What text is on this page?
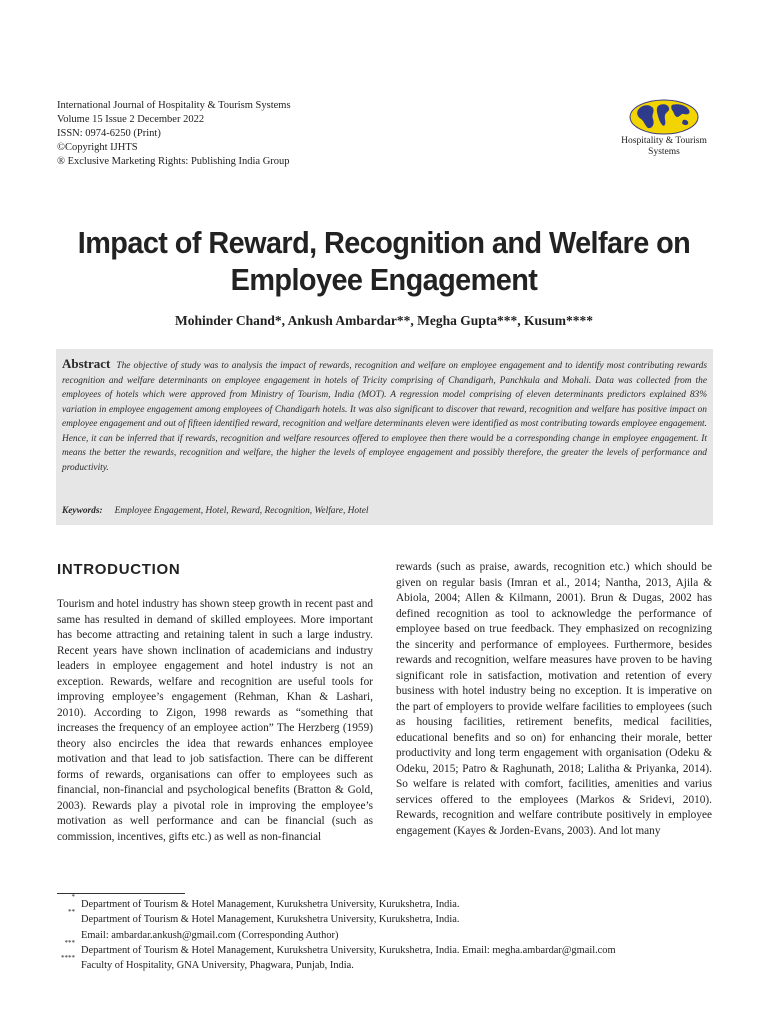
International Journal of Hospitality & Tourism Systems
Volume 15 Issue 2 December 2022
ISSN: 0974-6250 (Print)
©Copyright IJHTS
® Exclusive Marketing Rights: Publishing India Group
Hospitality & Tourism
Systems
Impact of Reward, Recognition and Welfare on Employee Engagement
Mohinder Chand*, Ankush Ambardar**, Megha Gupta***, Kusum****

Abstract The objective of study was to analysis the impact of rewards, recognition and welfare on employee engagement and to identify most contributing rewards recognition and welfare determinants on employee engagement in hotels of Tricity comprising of Chandigarh, Panchkula and Mohali. Data was collected from the employees of hotels which were approved from Ministry of Tourism, India (MOT). A regression model comprising of eleven determinants predictors explained 83% variation in employee engagement among employees of Chandigarh hotels. It was also significant to discover that reward, recognition and welfare has positive impact on employee engagement and out of fifteen identified reward, recognition and welfare determinants eleven were identified as most contributing towards employee engagement. Hence, it can be inferred that if rewards, recognition and welfare resources offered to employee then there would be a corresponding change in employee engagement. It means the better the rewards, recognition and welfare, the higher the levels of employee engagement and possibly therefore, the greater the levels of performance and productivity.

Keywords: Employee Engagement, Hotel, Reward, Recognition, Welfare, Hotel
INTRODUCTION

Tourism and hotel industry has shown steep growth in recent past and same has resulted in demand of skilled employees. More important has become attracting and retaining talent in such a large industry. Recent years have shown inclination of academicians and industry leaders in employee engagement and hotel industry is not an exception. Rewards, welfare and recognition are useful tools for improving employee’s engagement (Rehman, Khan & Lashari, 2010). According to Zigon, 1998 rewards as “something that increases the frequency of an employee action” The Herzberg (1959) theory also encircles the idea that rewards enhances employee motivation and that lead to job satisfaction. There can be different forms of rewards, organisations can offer to employees such as financial, non-financial and psychological benefits (Bratton & Gold, 2003). Rewards play a pivotal role in improving the employee’s motivation as well performance and can be financial (such as commission, incentives, gifts etc.) as well as non-financial

rewards (such as praise, awards, recognition etc.) which should be given on regular basis (Imran et al., 2014; Nantha, 2013, Ajila & Abiola, 2004; Allen & Kilmann, 2001). Brun & Dugas, 2002 has defined recognition as tool to acknowledge the performance of employee based on true feedback. They emphasized on recognizing the sincerity and performance of employees. Furthermore, besides rewards and recognition, welfare measures have proven to be having significant role in satisfaction, motivation and retention of every business with hotel industry being no exception. It is imperative on the part of employers to provide welfare facilities to employees (such as housing facilities, retirement benefits, medical facilities, educational benefits and so on) for enhancing their morale, better productivity and long term engagement with organisation (Odeku & Odeku, 2015; Patro & Raghunath, 2018; Lalitha & Priyanka, 2014). So welfare is related with comfort, facilities, amenities and varius services offered to the employees (Markos & Sridevi, 2010). Rewards, recognition and welfare contribute positively in employee engagement (Kayes & Jorden-Evans, 2003). And lot many

*
Department of Tourism & Hotel Management, Kurukshetra University, Kurukshetra, India.
**
Department of Tourism & Hotel Management, Kurukshetra University, Kurukshetra, India.
Email: ambardar.ankush@gmail.com (Corresponding Author)
***
Department of Tourism & Hotel Management, Kurukshetra University, Kurukshetra, India. Email: megha.ambardar@gmail.com
****
Faculty of Hospitality, GNA University, Phagwara, Punjab, India.
